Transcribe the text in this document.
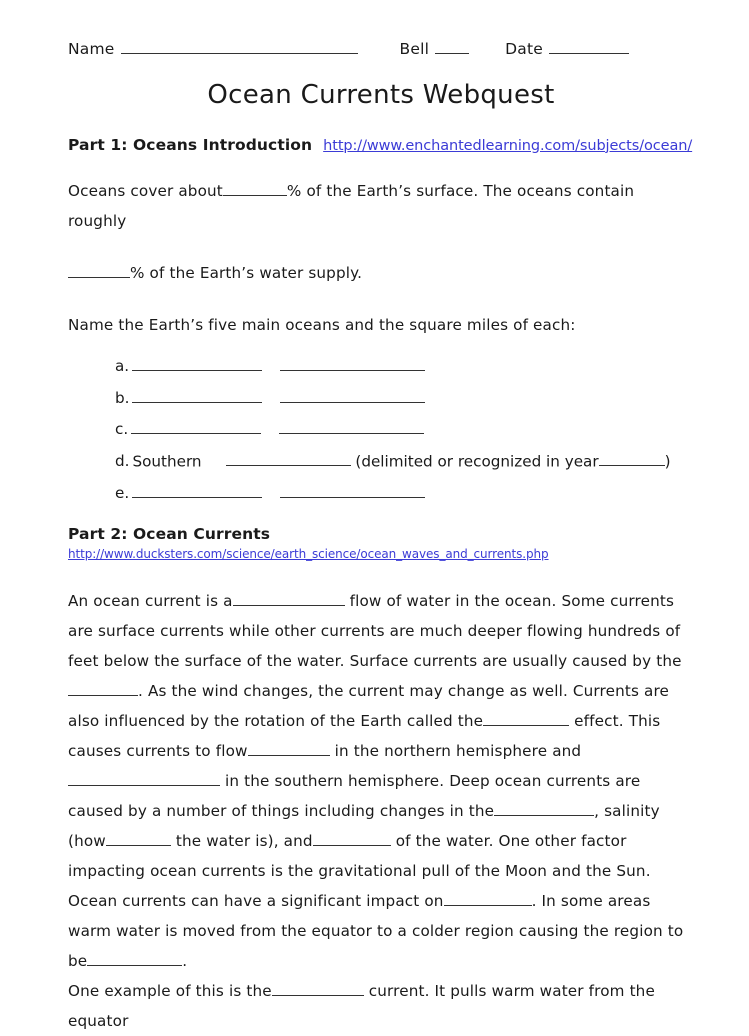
Name	Bell	Date
Ocean Currents Webquest
Part 1: Oceans Introduction http://www.enchantedlearning.com/subjects/ocean/
Oceans cover about	% of the Earth’s surface. The oceans contain roughly
% of the Earth’s water supply.
Name the Earth’s five main oceans and the square miles of each:
a.
b.
c.
d. Southern	(delimited or recognized in year	)
e.
Part 2: Ocean Currents
http://www.ducksters.com/science/earth_science/ocean_waves_and_currents.php
An ocean current is a	flow of water in the ocean. Some currents are surface currents while other currents are much deeper flowing hundreds of feet below the surface of the water. Surface currents are usually caused by the. As the wind changes, the current may change as well. Currents are also influenced by the rotation of the Earth called the	effect. This causes currents to flow	in the northern hemisphere and in the southern hemisphere. Deep ocean currents are caused by a number of things including changes in the	, salinity (how	the water is), and	of the water. One other factor impacting ocean currents is the gravitational pull of the Moon and the Sun.
Ocean currents can have a significant impact on	. In some areas warm water is moved from the equator to a colder region causing the region to be	.
One example of this is the	current. It pulls warm water from the equator
